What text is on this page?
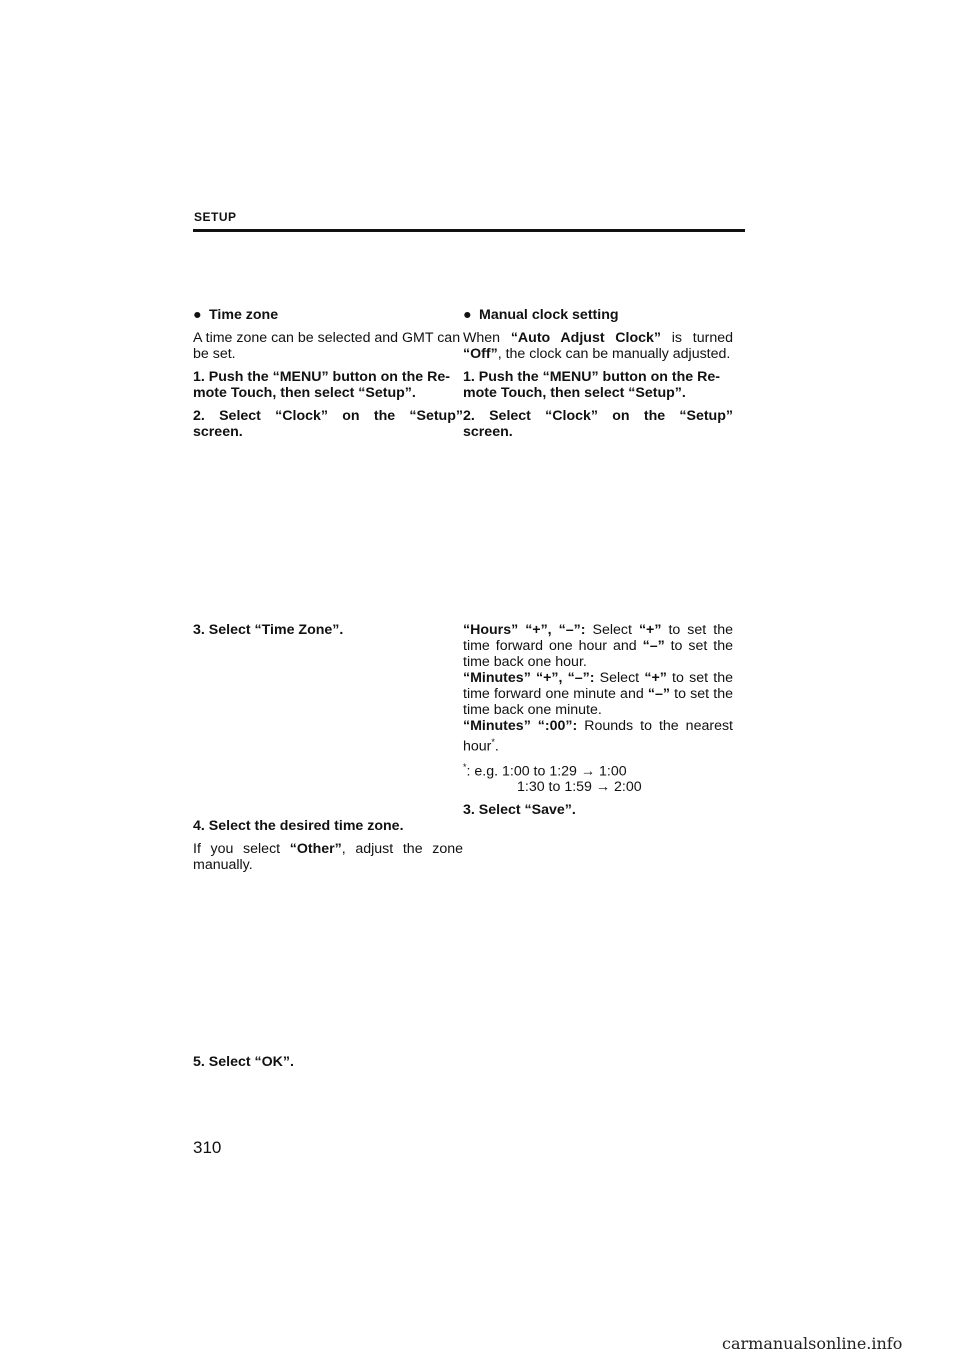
SETUP

● Time zone

A time zone can be selected and GMT can be set.

1. Push the “MENU” button on the Re-mote Touch, then select “Setup”.

2. Select “Clock” on the “Setup” screen.

3. Select “Time Zone”.

4. Select the desired time zone.

If you select “Other”, adjust the zone manually.

5. Select “OK”.

● Manual clock setting

When “Auto Adjust Clock” is turned “Off”, the clock can be manually adjusted.

1. Push the “MENU” button on the Re-mote Touch, then select “Setup”.

2. Select “Clock” on the “Setup” screen.

“Hours” “+”, “–”: Select “+” to set the time forward one hour and “–” to set the time back one hour.

“Minutes” “+”, “–”: Select “+” to set the time forward one minute and “–” to set the time back one minute.

“Minutes” “:00”: Rounds to the nearest hour*.

*: e.g. 1:00 to 1:29 → 1:00

1:30 to 1:59 → 2:00

3. Select “Save”.

310
carmanualsonline.info
